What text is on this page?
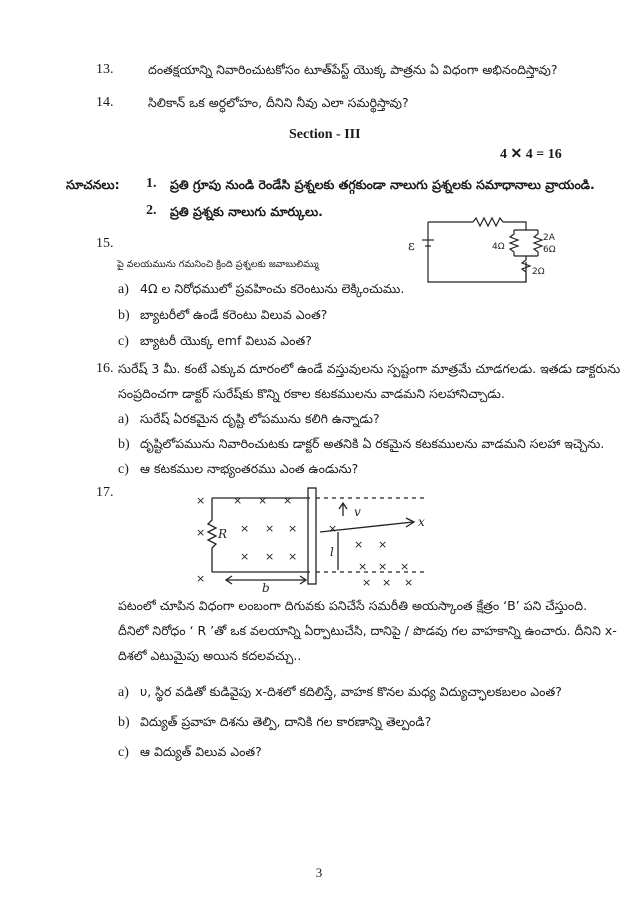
13.	దంతక్షయాన్ని నివారించుటకోసం టూత్‌పేస్ట్ యొక్క పాత్రను ఏ విధంగా అభినందిస్తావు?
14.	సిలికాన్ ఒక అర్ధలోహం, దీనిని నీవు ఎలా సమర్థిస్తావు?
Section - III
4 ✕ 4 = 16
సూచనలు: 1. ప్రతి గ్రూపు నుండి రెండేసి ప్రశ్నలకు తగ్గకుండా నాలుగు ప్రశ్నలకు సమాధానాలు వ్రాయండి.
2. ప్రతి ప్రశ్నకు నాలుగు మార్కులు.
15.
పై వలయమును గమనించి క్రింది ప్రశ్నలకు జవాబులిమ్ము
ε	4Ω
2A
6Ω
2Ω
a) 4Ω ల నిరోధములో ప్రవహించు కరెంటును లెక్కించుము.
b) బ్యాటరీలో ఉండే కరెంటు విలువ ఎంత?
c) బ్యాటరీ యొక్క emf విలువ ఎంత?
16. సురేష్ 3 మీ. కంటే ఎక్కువ దూరంలో ఉండే వస్తువులను స్పష్టంగా మాత్రమే చూడగలడు. ఇతడు డాక్టరును
సంప్రదించగా డాక్టర్ సురేష్‌కు కొన్ని రకాల కటకములను వాడమని సలహానిచ్చాడు.
a) సురేష్ ఏరకమైన దృష్టి లోపమును కలిగి ఉన్నాడు?
b) దృష్టిలోపమును నివారించుటకు డాక్టర్ అతనికి ఏ రకమైన కటకములను వాడమని సలహా ఇచ్చెను.
c) ఆ కటకముల నాభ్యంతరము ఎంత ఉండును?
17.
×	× × ×
×	× × ×
× × ×
×
×
× ×
× × ×
× × ×
R
v
x
l
b
పటంలో చూపిన విధంగా లంబంగా దిగువకు పనిచేసే సమరీతి అయస్కాంత క్షేత్రం ‘B’ పని చేస్తుంది.
దీనిలో నిరోధం ‘ R ’తో ఒక వలయాన్ని ఏర్పాటుచేసి, దానిపై / పొడవు గల వాహకాన్ని ఉంచారు. దీనిని x-
దిశలో ఎటుమైపు అయిన కదలవచ్చు..
a) υ, స్థిర వడితో కుడివైపు x-దిశలో కదిలిస్తే, వాహక కొనల మధ్య విద్యుచ్ఛాలకబలం ఎంత?
b) విద్యుత్ ప్రవాహ దిశను తెల్పి, దానికి గల కారణాన్ని తెల్పండి?
c) ఆ విద్యుత్ విలువ ఎంత?
3
